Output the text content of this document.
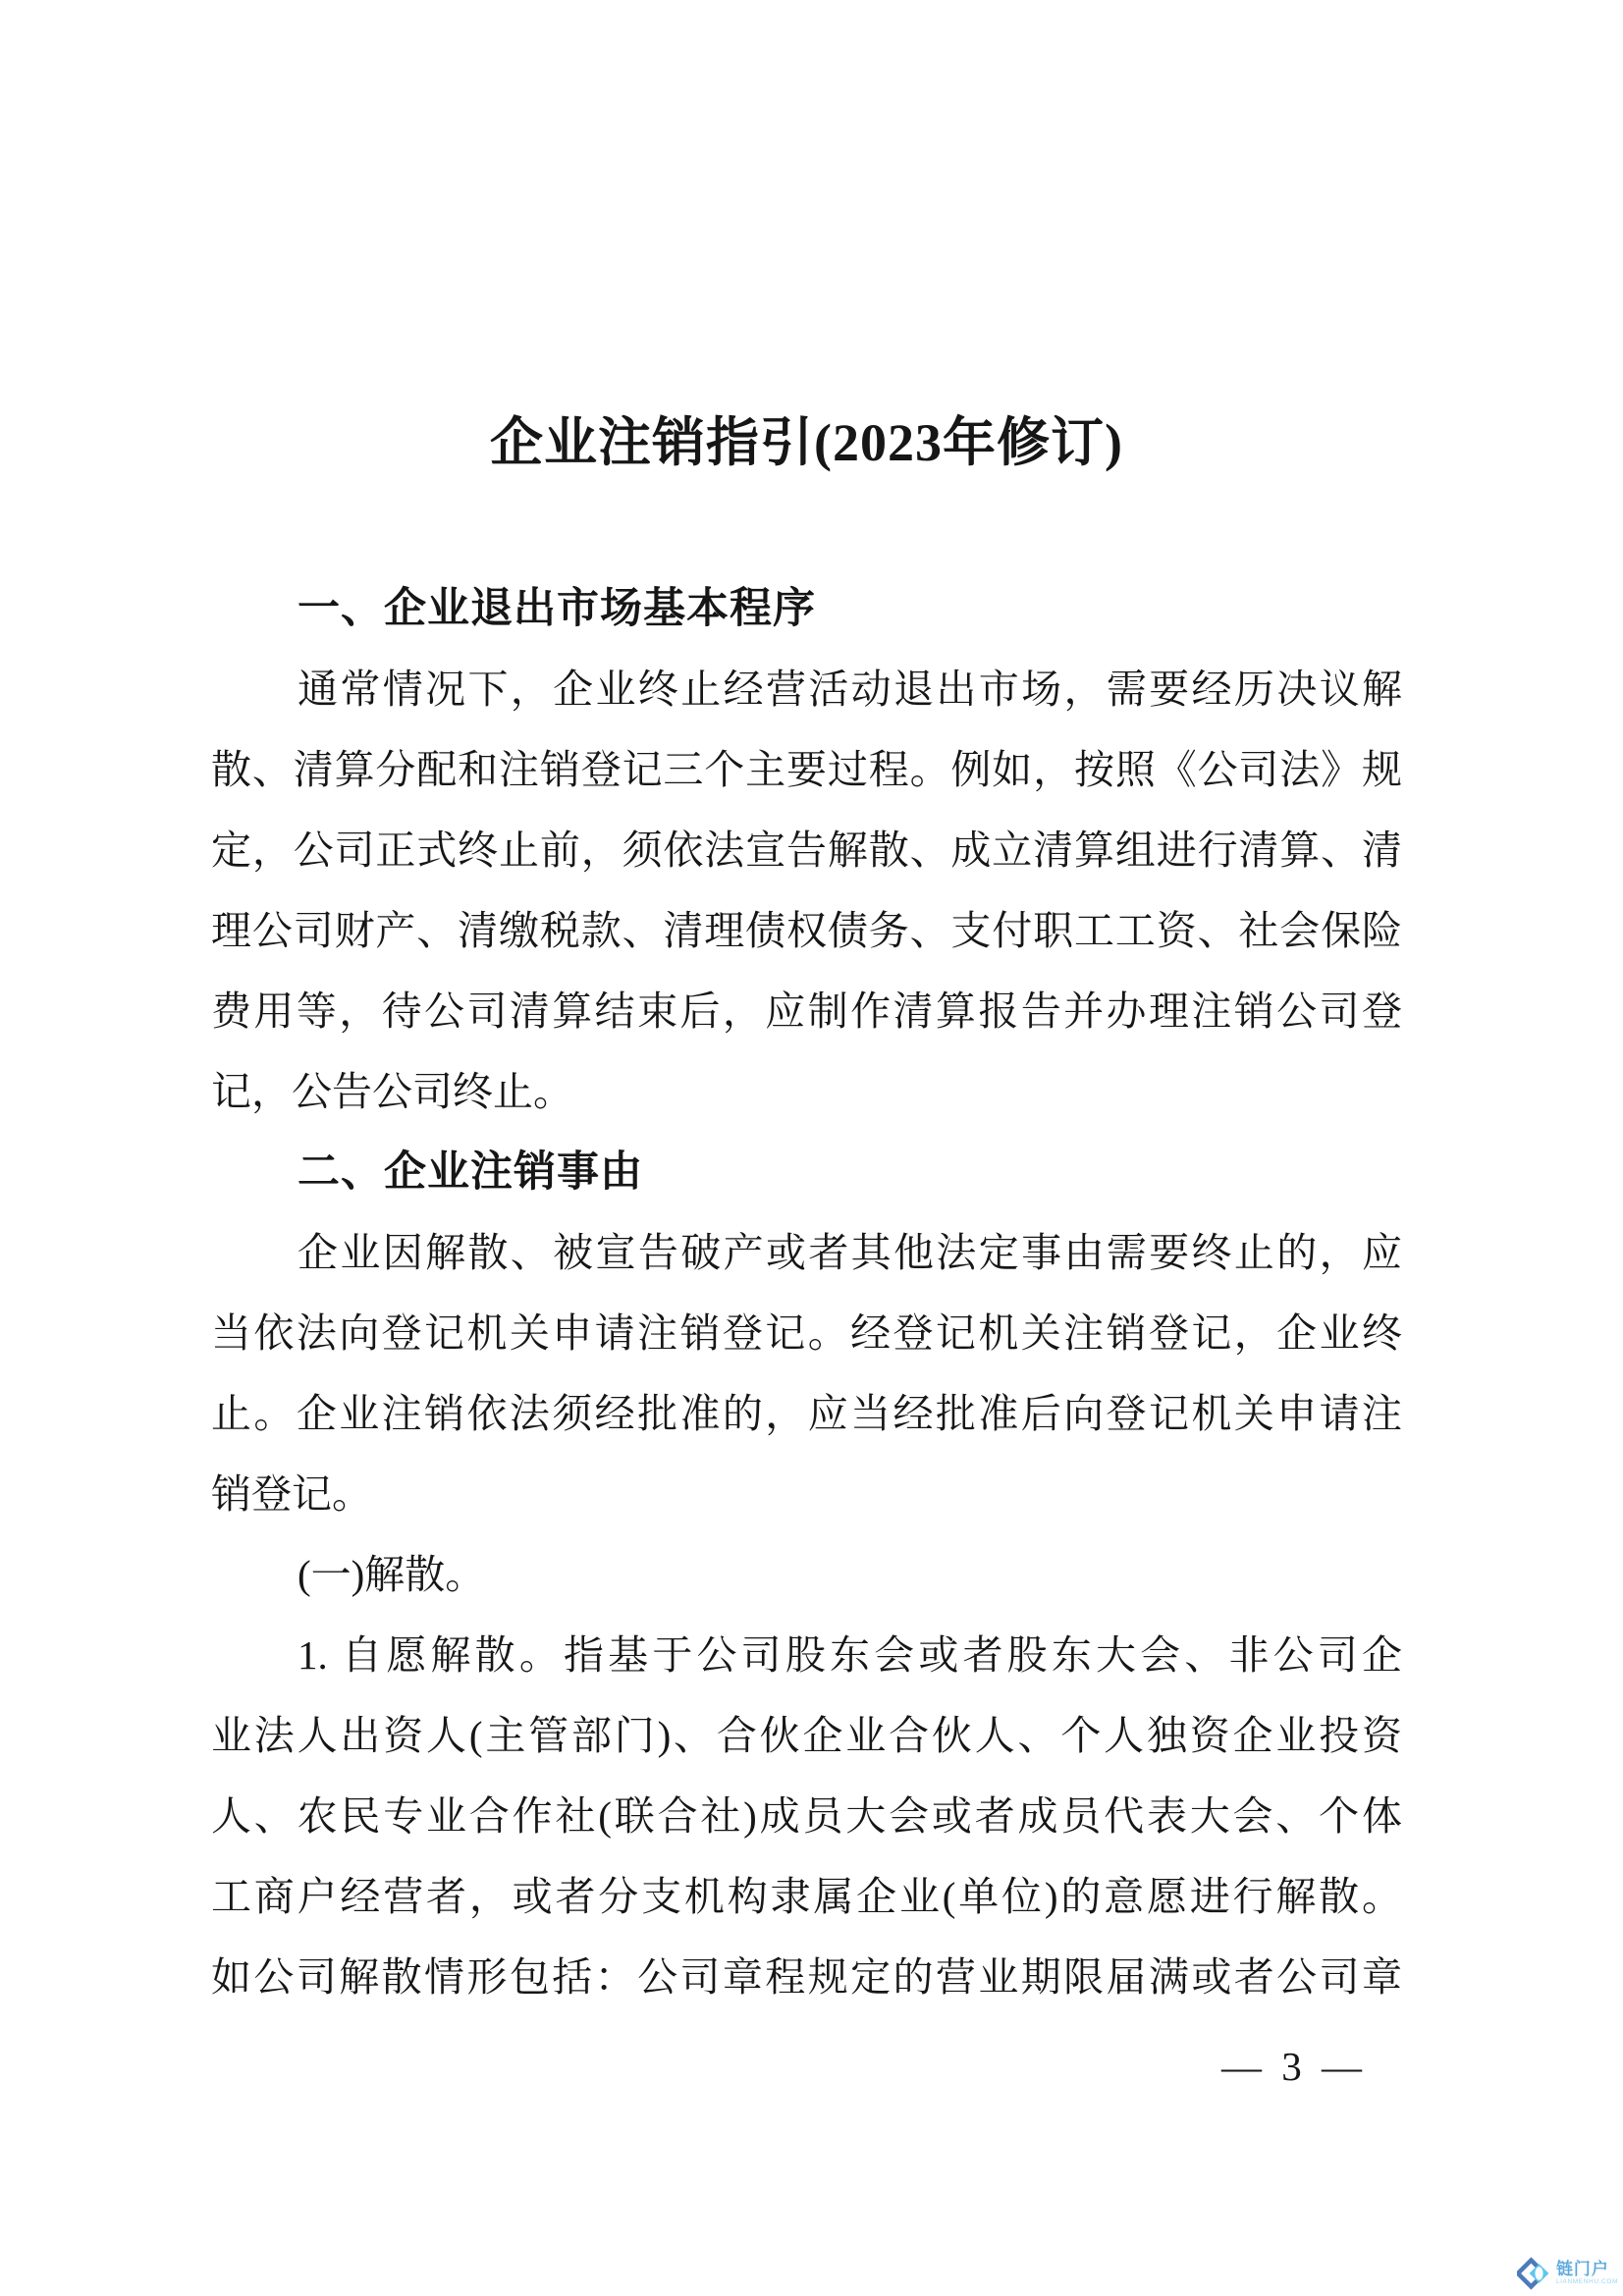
企业注销指引(2023年修订)
一、企业退出市场基本程序
通常情况下，企业终止经营活动退出市场，需要经历决议解
散、清算分配和注销登记三个主要过程。例如，按照《公司法》规
定，公司正式终止前，须依法宣告解散、成立清算组进行清算、清
理公司财产、清缴税款、清理债权债务、支付职工工资、社会保险
费用等，待公司清算结束后，应制作清算报告并办理注销公司登
记，公告公司终止。
二、企业注销事由
企业因解散、被宣告破产或者其他法定事由需要终止的，应
当依法向登记机关申请注销登记。经登记机关注销登记，企业终
止。企业注销依法须经批准的，应当经批准后向登记机关申请注
销登记。
(一)解散。
1. 自愿解散。指基于公司股东会或者股东大会、非公司企
业法人出资人(主管部门)、合伙企业合伙人、个人独资企业投资
人、农民专业合作社(联合社)成员大会或者成员代表大会、个体
工商户经营者，或者分支机构隶属企业(单位)的意愿进行解散。
如公司解散情形包括：公司章程规定的营业期限届满或者公司章
— 3 —
链门户
LIANMENHU.COM
